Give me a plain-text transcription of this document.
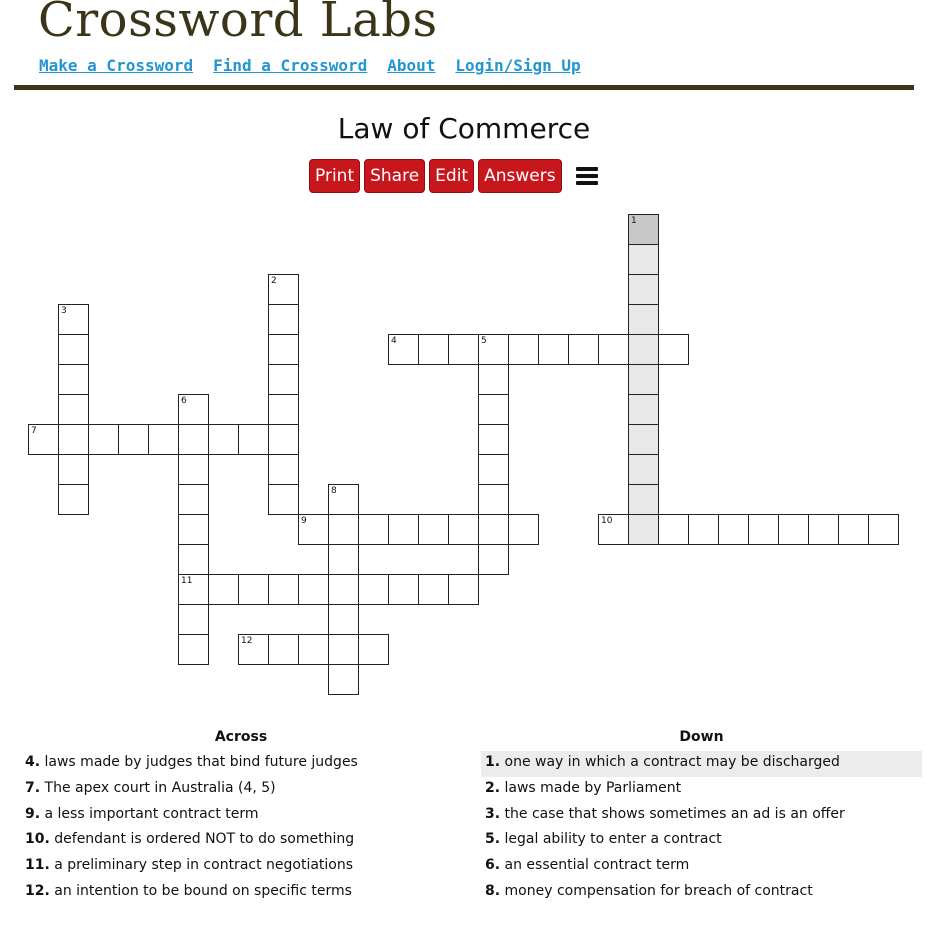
Crossword Labs
Make a Crossword Find a Crossword About Login/Sign Up
Law of Commerce
Print Share Edit Answers
1
2
3
4	5
6
11
7
8
9	10
12
Across
4. laws made by judges that bind future judges
7. The apex court in Australia (4, 5)
9. a less important contract term
10. defendant is ordered NOT to do something
11. a preliminary step in contract negotiations
12. an intention to be bound on specific terms
Down
1. one way in which a contract may be discharged
2. laws made by Parliament
3. the case that shows sometimes an ad is an offer
5. legal ability to enter a contract
6. an essential contract term
8. money compensation for breach of contract
